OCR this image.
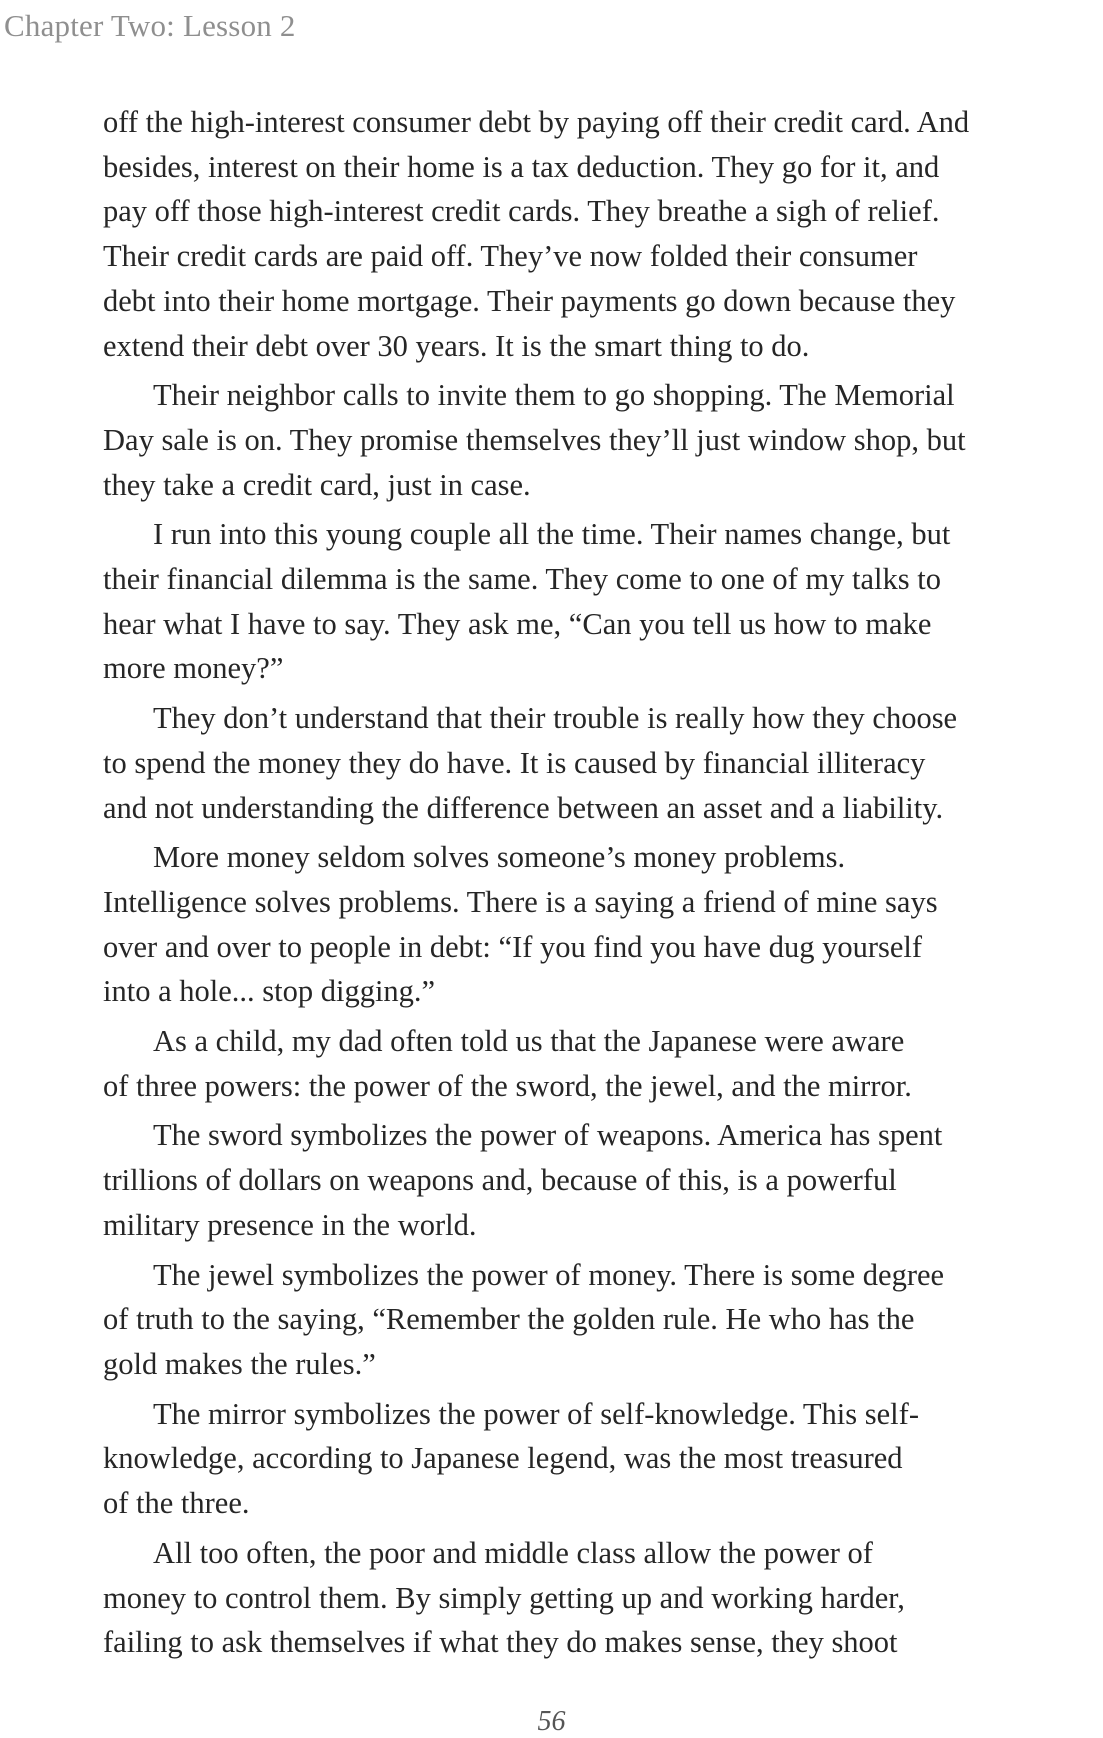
Chapter Two: Lesson 2
off the high-interest consumer debt by paying off their credit card. And
besides, interest on their home is a tax deduction. They go for it, and
pay off those high-interest credit cards. They breathe a sigh of relief.
Their credit cards are paid off. They’ve now folded their consumer
debt into their home mortgage. Their payments go down because they
extend their debt over 30 years. It is the smart thing to do.
Their neighbor calls to invite them to go shopping. The Memorial
Day sale is on. They promise themselves they’ll just window shop, but
they take a credit card, just in case.
I run into this young couple all the time. Their names change, but
their financial dilemma is the same. They come to one of my talks to
hear what I have to say. They ask me, “Can you tell us how to make
more money?”
They don’t understand that their trouble is really how they choose
to spend the money they do have. It is caused by financial illiteracy
and not understanding the difference between an asset and a liability.
More money seldom solves someone’s money problems.
Intelligence solves problems. There is a saying a friend of mine says
over and over to people in debt: “If you find you have dug yourself
into a hole... stop digging.”
As a child, my dad often told us that the Japanese were aware
of three powers: the power of the sword, the jewel, and the mirror.
The sword symbolizes the power of weapons. America has spent
trillions of dollars on weapons and, because of this, is a powerful
military presence in the world.
The jewel symbolizes the power of money. There is some degree
of truth to the saying, “Remember the golden rule. He who has the
gold makes the rules.”
The mirror symbolizes the power of self-knowledge. This self-
knowledge, according to Japanese legend, was the most treasured
of the three.
All too often, the poor and middle class allow the power of
money to control them. By simply getting up and working harder,
failing to ask themselves if what they do makes sense, they shoot
56
